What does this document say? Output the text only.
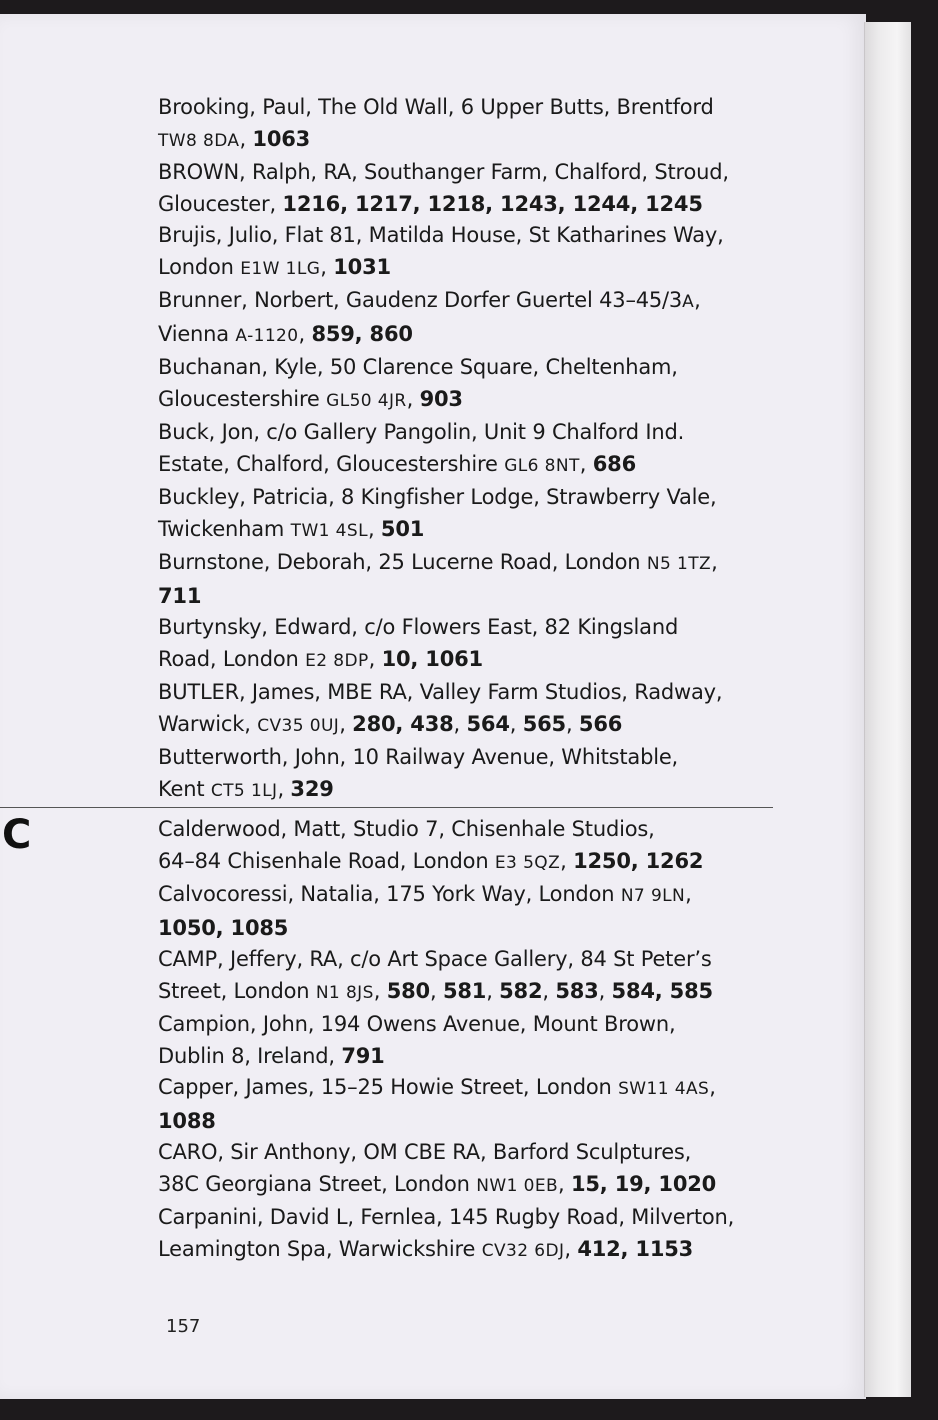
Brooking, Paul, The Old Wall, 6 Upper Butts, Brentford
TW8 8DA, 1063
BROWN, Ralph, RA, Southanger Farm, Chalford, Stroud,
Gloucester, 1216, 1217, 1218, 1243, 1244, 1245
Brujis, Julio, Flat 81, Matilda House, St Katharines Way,
London E1W 1LG, 1031
Brunner, Norbert, Gaudenz Dorfer Guertel 43–45/3A,
Vienna A-1120, 859, 860
Buchanan, Kyle, 50 Clarence Square, Cheltenham,
Gloucestershire GL50 4JR, 903
Buck, Jon, c/o Gallery Pangolin, Unit 9 Chalford Ind.
Estate, Chalford, Gloucestershire GL6 8NT, 686
Buckley, Patricia, 8 Kingfisher Lodge, Strawberry Vale,
Twickenham TW1 4SL, 501
Burnstone, Deborah, 25 Lucerne Road, London N5 1TZ,
711
Burtynsky, Edward, c/o Flowers East, 82 Kingsland
Road, London E2 8DP, 10, 1061
BUTLER, James, MBE RA, Valley Farm Studios, Radway,
Warwick, CV35 0UJ, 280, 438, 564, 565, 566
Butterworth, John, 10 Railway Avenue, Whitstable,
Kent CT5 1LJ, 329
C	Calderwood, Matt, Studio 7, Chisenhale Studios,
64–84 Chisenhale Road, London E3 5QZ, 1250, 1262
Calvocoressi, Natalia, 175 York Way, London N7 9LN,
1050, 1085
CAMP, Jeffery, RA, c/o Art Space Gallery, 84 St Peter’s
Street, London N1 8JS, 580, 581, 582, 583, 584, 585
Campion, John, 194 Owens Avenue, Mount Brown,
Dublin 8, Ireland, 791
Capper, James, 15–25 Howie Street, London SW11 4AS,
1088
CARO, Sir Anthony, OM CBE RA, Barford Sculptures,
38C Georgiana Street, London NW1 0EB, 15, 19, 1020
Carpanini, David L, Fernlea, 145 Rugby Road, Milverton,
Leamington Spa, Warwickshire CV32 6DJ, 412, 1153
157
